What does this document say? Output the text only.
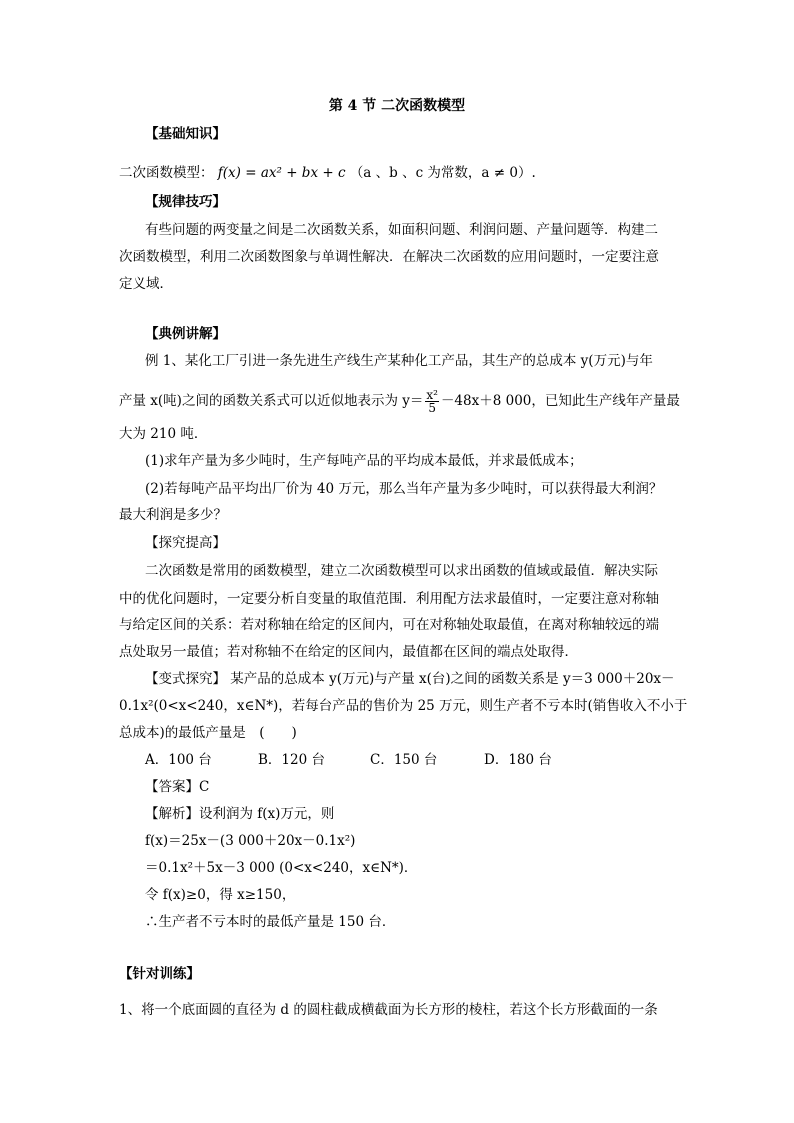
第 4 节 二次函数模型
【基础知识】
二次函数模型： f(x) = ax² + bx + c （a 、b 、c 为常数，a ≠ 0）.
【规律技巧】
有些问题的两变量之间是二次函数关系，如面积问题、利润问题、产量问题等．构建二
次函数模型，利用二次函数图象与单调性解决．在解决二次函数的应用问题时，一定要注意
定义域．
【典例讲解】
例 1、某化工厂引进一条先进生产线生产某种化工产品，其生产的总成本 y(万元)与年
产量 x(吨)之间的函数关系式可以近似地表示为 $y= \frac{\text{x²}}{5} -48x+8$ 000，已知此生产线年产量最
大为 210 吨．
(1)求年产量为多少吨时，生产每吨产品的平均成本最低，并求最低成本；
(2)若每吨产品平均出厂价为 40 万元，那么当年产量为多少吨时，可以获得最大利润？
最大利润是多少？
【探究提高】
二次函数是常用的函数模型，建立二次函数模型可以求出函数的值域或最值．解决实际
中的优化问题时，一定要分析自变量的取值范围．利用配方法求最值时，一定要注意对称轴
与给定区间的关系：若对称轴在给定的区间内，可在对称轴处取最值，在离对称轴较远的端
点处取另一最值；若对称轴不在给定的区间内，最值都在区间的端点处取得．
【变式探究】 某产品的总成本 y(万元)与产量 x(台)之间的函数关系是 y＝3 000＋20x－
0.1x²(0<x<240，x∈N*)，若每台产品的售价为 25 万元，则生产者不亏本时(销售收入不小于
总成本)的最低产量是　(　　)
A．100 台	B．120 台	C．150 台	D．180 台
【答案】C
【解析】设利润为 f(x)万元，则
f(x)＝25x－(3 000＋20x－0.1x²)
＝0.1x²＋5x－3 000 (0<x<240，x∈N*)．
令 f(x)≥0，得 x≥150，
∴生产者不亏本时的最低产量是 150 台．
【针对训练】
1、将一个底面圆的直径为 d 的圆柱截成横截面为长方形的棱柱，若这个长方形截面的一条
